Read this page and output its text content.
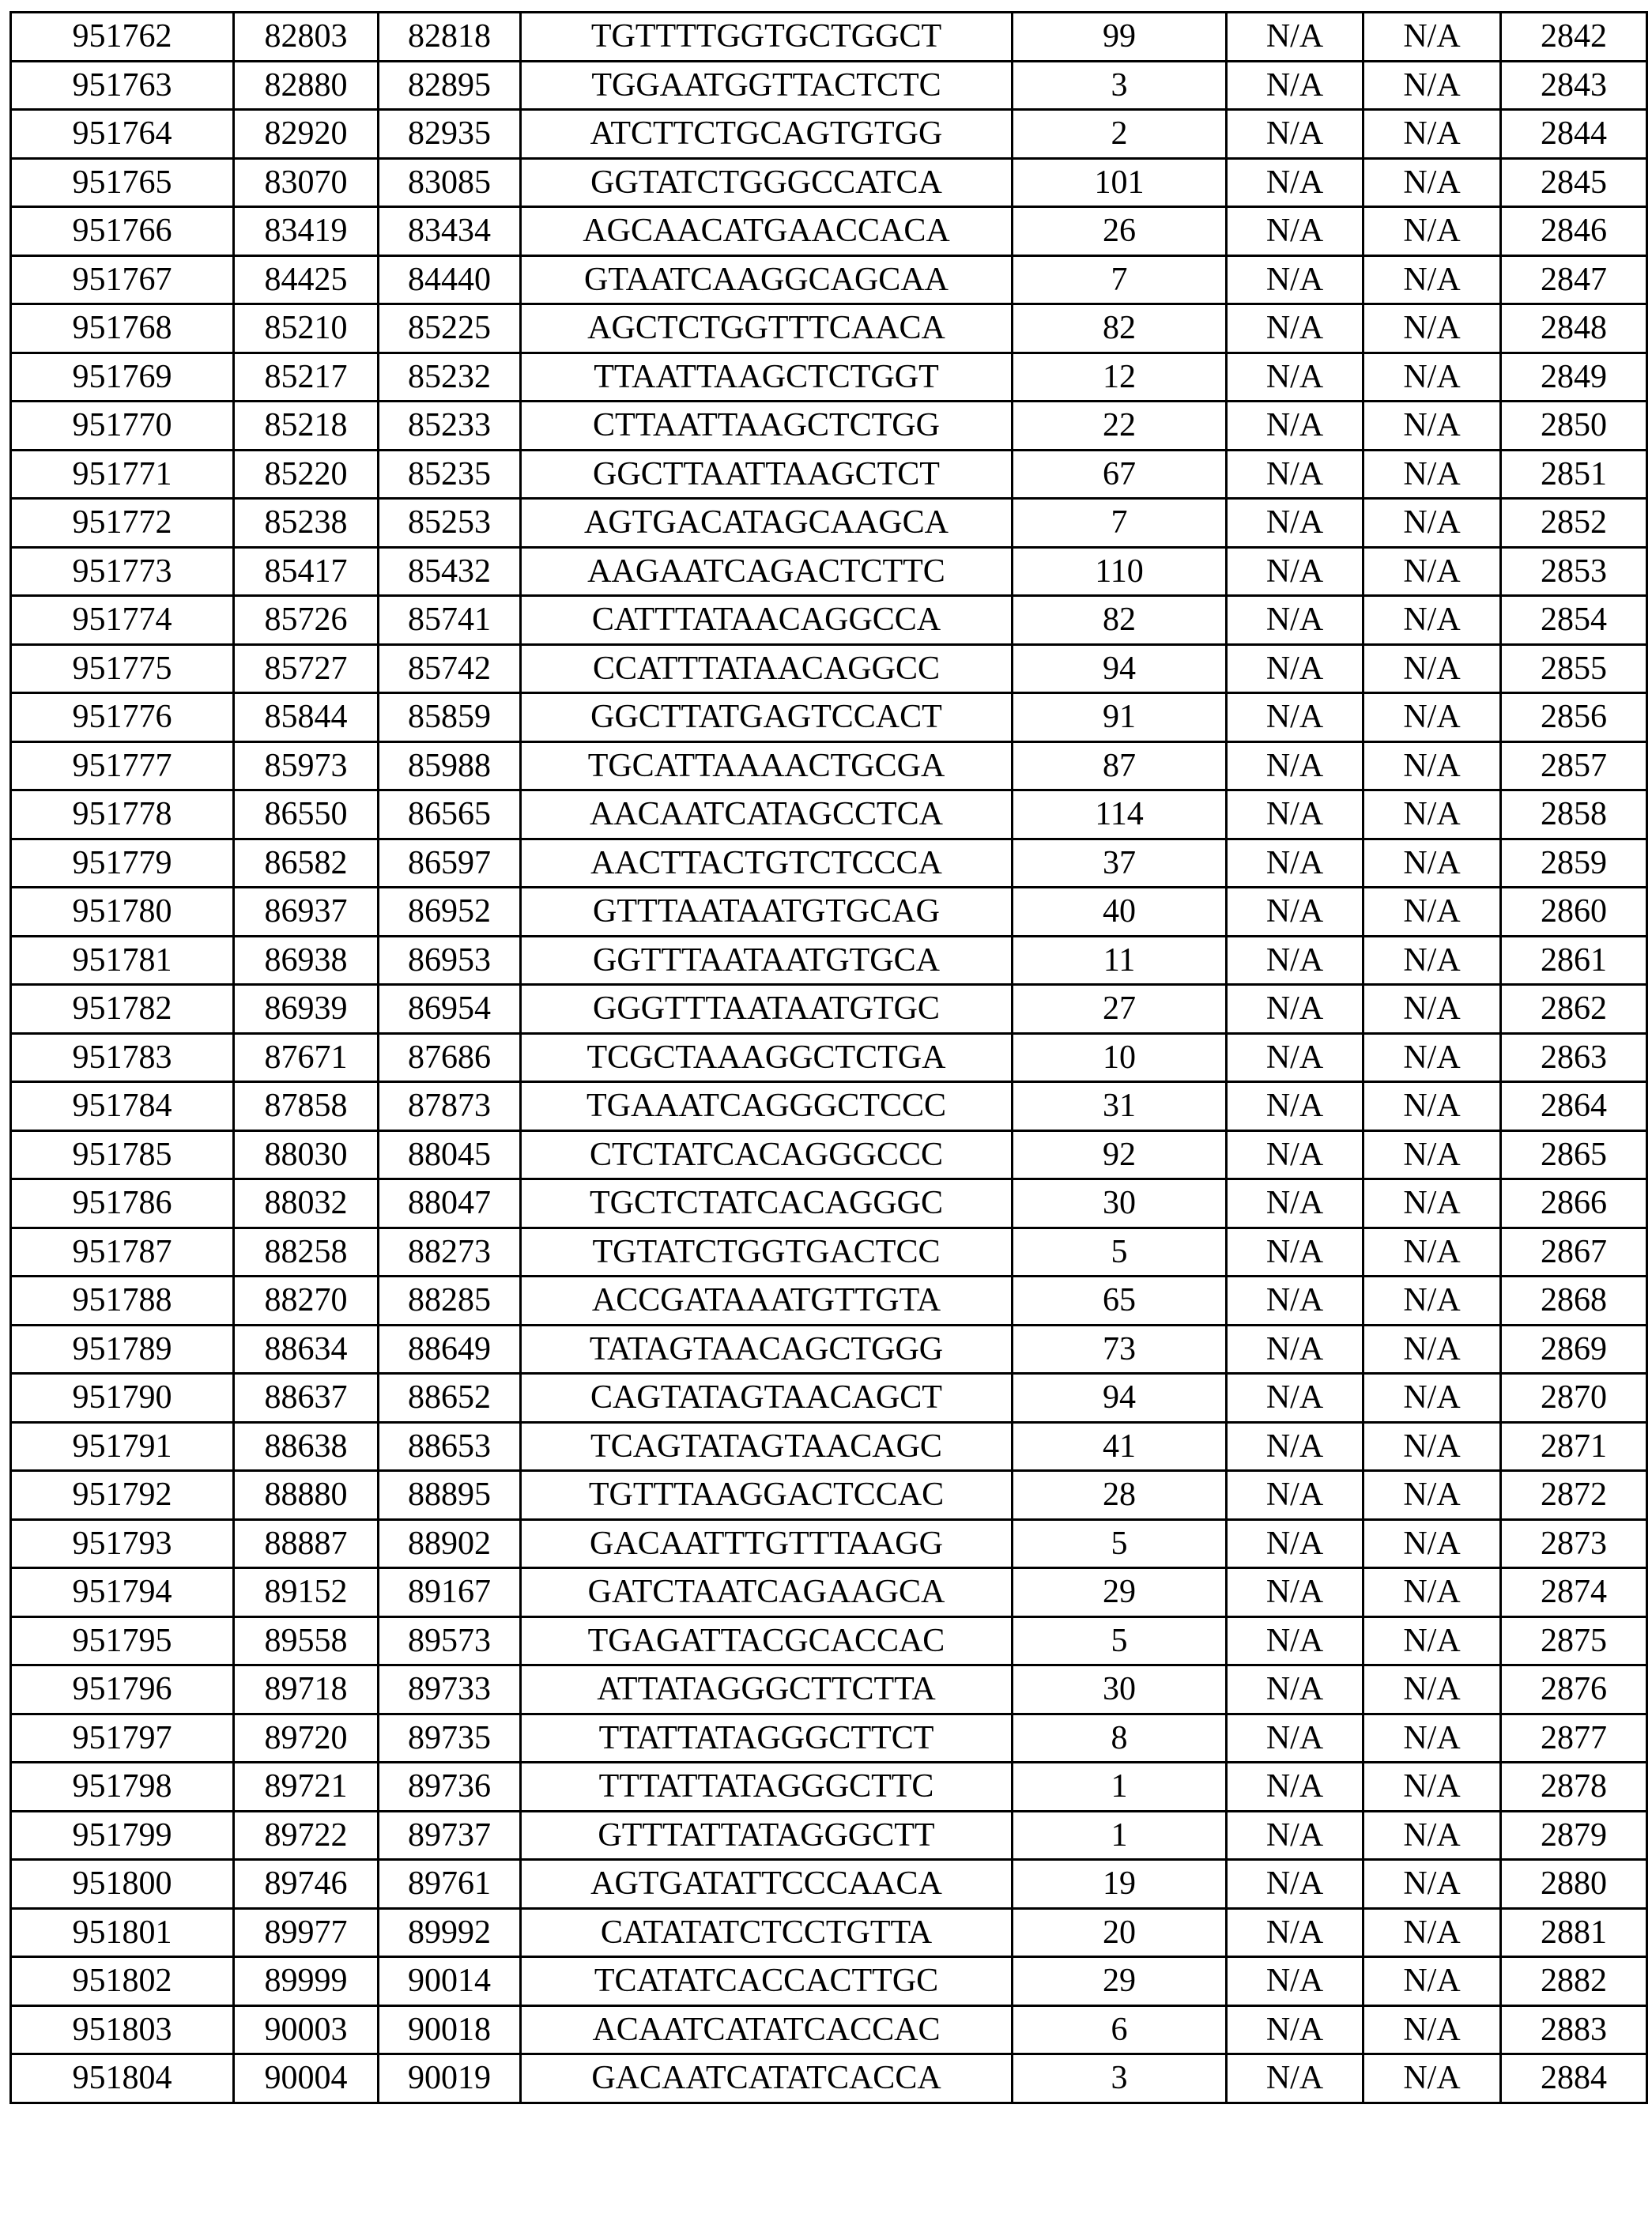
951762	82803	82818	TGTTTTGGTGCTGGCT	99	N/A	N/A	2842
951763	82880	82895	TGGAATGGTTACTCTC	3	N/A	N/A	2843
951764	82920	82935	ATCTTCTGCAGTGTGG	2	N/A	N/A	2844
951765	83070	83085	GGTATCTGGGCCATCA	101	N/A	N/A	2845
951766	83419	83434	AGCAACATGAACCACA	26	N/A	N/A	2846
951767	84425	84440	GTAATCAAGGCAGCAA	7	N/A	N/A	2847
951768	85210	85225	AGCTCTGGTTTCAACA	82	N/A	N/A	2848
951769	85217	85232	TTAATTAAGCTCTGGT	12	N/A	N/A	2849
951770	85218	85233	CTTAATTAAGCTCTGG	22	N/A	N/A	2850
951771	85220	85235	GGCTTAATTAAGCTCT	67	N/A	N/A	2851
951772	85238	85253	AGTGACATAGCAAGCA	7	N/A	N/A	2852
951773	85417	85432	AAGAATCAGACTCTTC	110	N/A	N/A	2853
951774	85726	85741	CATTTATAACAGGCCA	82	N/A	N/A	2854
951775	85727	85742	CCATTTATAACAGGCC	94	N/A	N/A	2855
951776	85844	85859	GGCTTATGAGTCCACT	91	N/A	N/A	2856
951777	85973	85988	TGCATTAAAACTGCGA	87	N/A	N/A	2857
951778	86550	86565	AACAATCATAGCCTCA	114	N/A	N/A	2858
951779	86582	86597	AACTTACTGTCTCCCA	37	N/A	N/A	2859
951780	86937	86952	GTTTAATAATGTGCAG	40	N/A	N/A	2860
951781	86938	86953	GGTTTAATAATGTGCA	11	N/A	N/A	2861
951782	86939	86954	GGGTTTAATAATGTGC	27	N/A	N/A	2862
951783	87671	87686	TCGCTAAAGGCTCTGA	10	N/A	N/A	2863
951784	87858	87873	TGAAATCAGGGCTCCC	31	N/A	N/A	2864
951785	88030	88045	CTCTATCACAGGGCCC	92	N/A	N/A	2865
951786	88032	88047	TGCTCTATCACAGGGC	30	N/A	N/A	2866
951787	88258	88273	TGTATCTGGTGACTCC	5	N/A	N/A	2867
951788	88270	88285	ACCGATAAATGTTGTA	65	N/A	N/A	2868
951789	88634	88649	TATAGTAACAGCTGGG	73	N/A	N/A	2869
951790	88637	88652	CAGTATAGTAACAGCT	94	N/A	N/A	2870
951791	88638	88653	TCAGTATAGTAACAGC	41	N/A	N/A	2871
951792	88880	88895	TGTTTAAGGACTCCAC	28	N/A	N/A	2872
951793	88887	88902	GACAATTTGTTTAAGG	5	N/A	N/A	2873
951794	89152	89167	GATCTAATCAGAAGCA	29	N/A	N/A	2874
951795	89558	89573	TGAGATTACGCACCAC	5	N/A	N/A	2875
951796	89718	89733	ATTATAGGGCTTCTTA	30	N/A	N/A	2876
951797	89720	89735	TTATTATAGGGCTTCT	8	N/A	N/A	2877
951798	89721	89736	TTTATTATAGGGCTTC	1	N/A	N/A	2878
951799	89722	89737	GTTTATTATAGGGCTT	1	N/A	N/A	2879
951800	89746	89761	AGTGATATTCCCAACA	19	N/A	N/A	2880
951801	89977	89992	CATATATCTCCTGTTA	20	N/A	N/A	2881
951802	89999	90014	TCATATCACCACTTGC	29	N/A	N/A	2882
951803	90003	90018	ACAATCATATCACCAC	6	N/A	N/A	2883
951804	90004	90019	GACAATCATATCACCA	3	N/A	N/A	2884
